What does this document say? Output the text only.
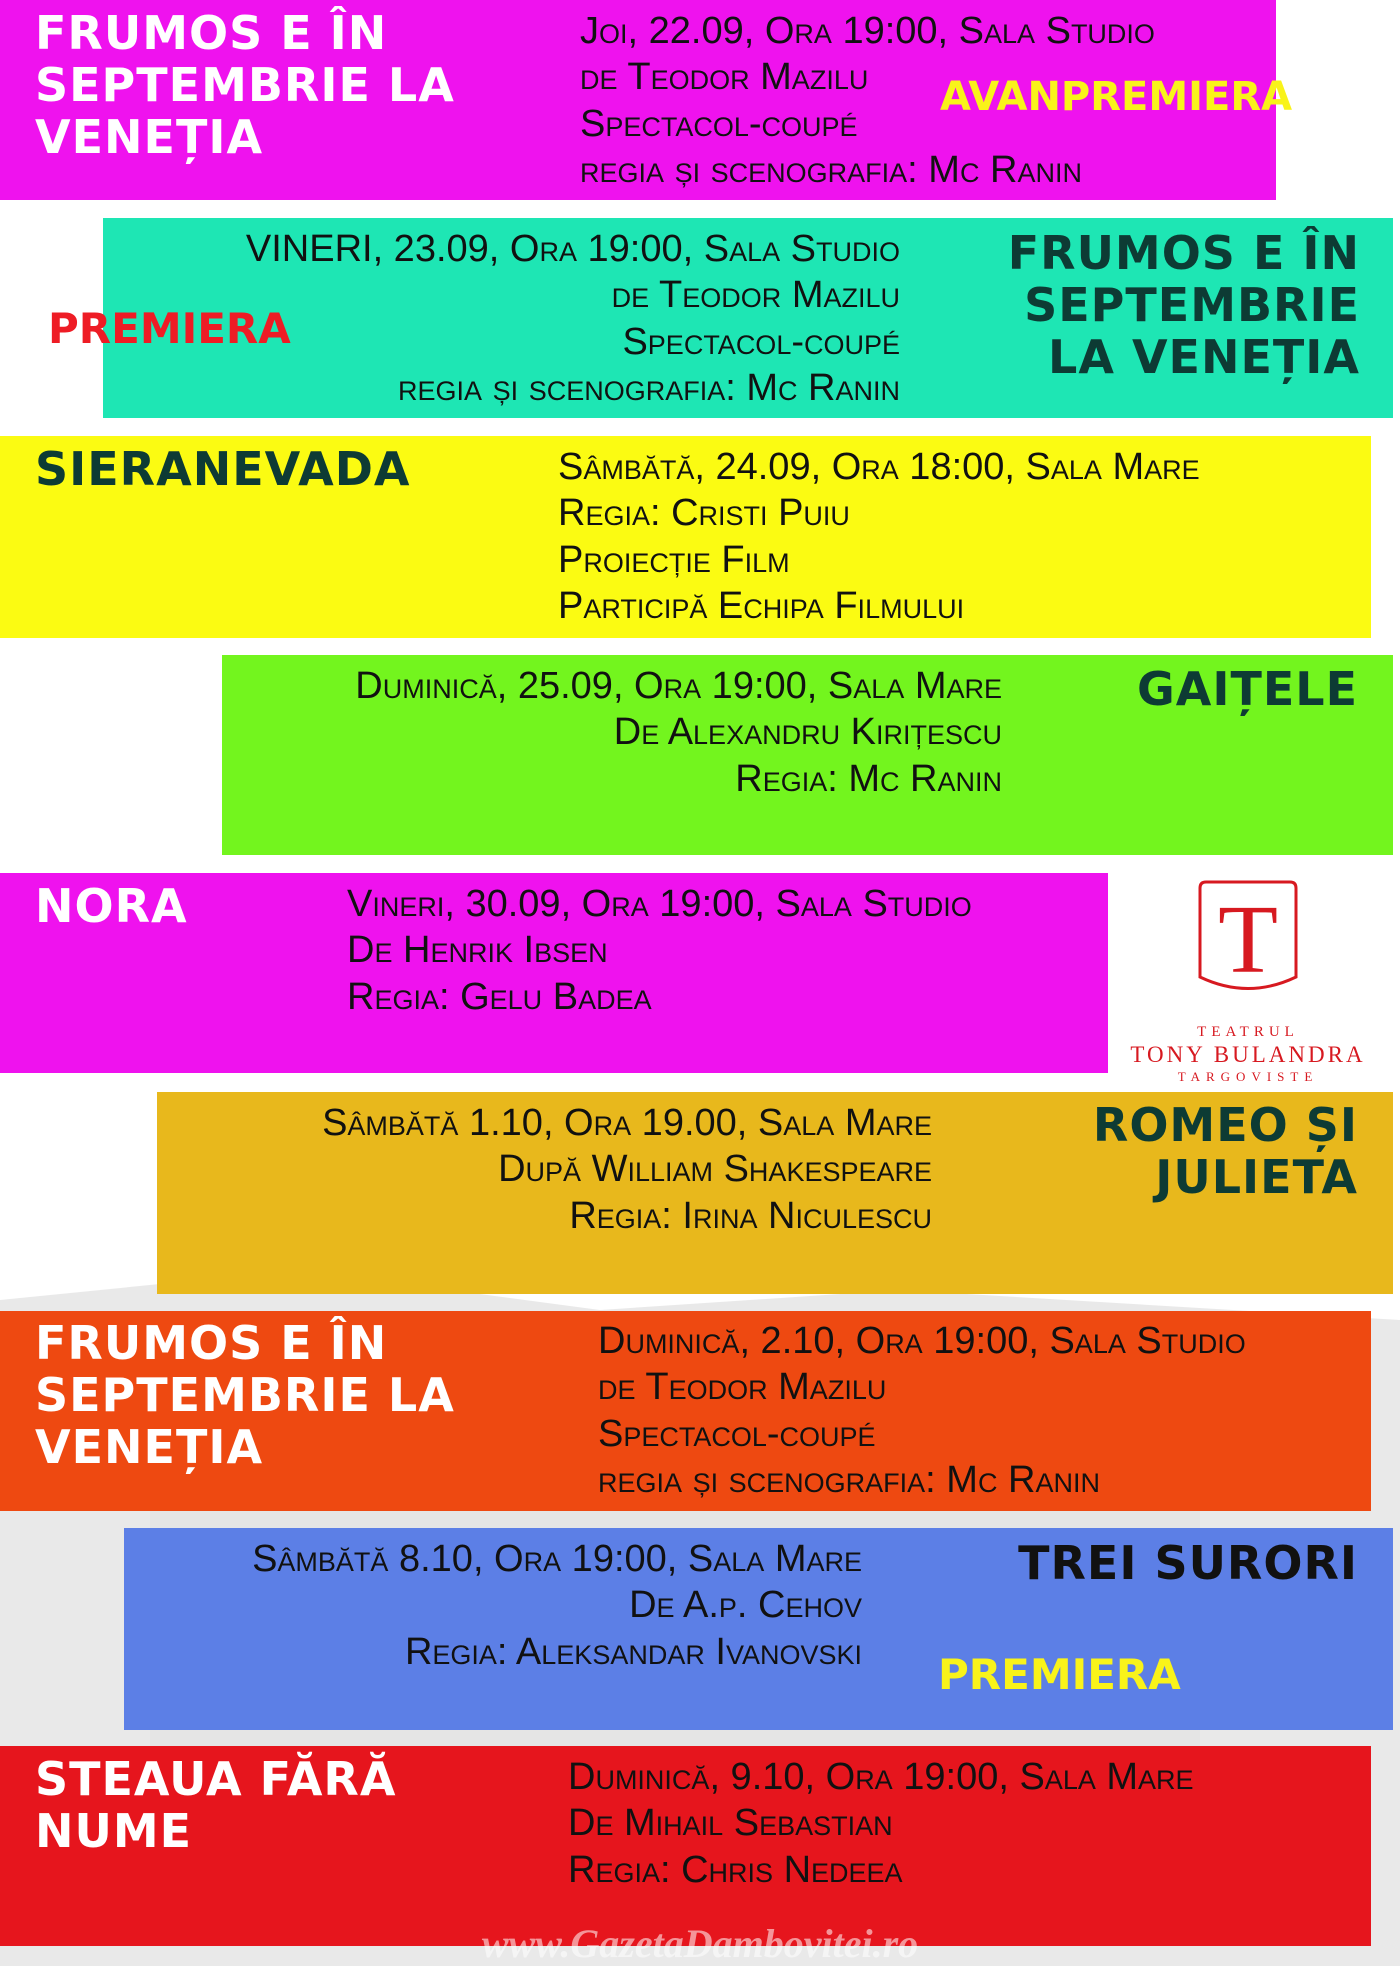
FRUMOS E ÎN
SEPTEMBRIE LA
VENEȚIA
Joi, 22.09, Ora 19:00, Sala Studio
de Teodor Mazilu
Spectacol-coupé
regia și scenografia: Mc Ranin
AVANPREMIERA
VINERI, 23.09, Ora 19:00, Sala Studio
de Teodor Mazilu
Spectacol-coupé
regia și scenografia: Mc Ranin
FRUMOS E ÎN
SEPTEMBRIE
LA VENEȚIA
PREMIERA
SIERANEVADA	Sâmbătă, 24.09, Ora 18:00, Sala Mare
Regia: Cristi Puiu
Proiecție Film
Participă Echipa Filmului
Duminică, 25.09, Ora 19:00, Sala Mare
De Alexandru Kirițescu
Regia: Mc Ranin
GAIȚELE
NORA	Vineri, 30.09, Ora 19:00, Sala Studio
De Henrik Ibsen
Regia: Gelu Badea
T
TEATRUL
TONY BULANDRA
TARGOVISTE
Sâmbătă 1.10, Ora 19.00, Sala Mare
După William Shakespeare
Regia: Irina Niculescu
ROMEO ȘI
JULIETA
FRUMOS E ÎN
SEPTEMBRIE LA
VENEȚIA
Duminică, 2.10, Ora 19:00, Sala Studio
de Teodor Mazilu
Spectacol-coupé
regia și scenografia: Mc Ranin
Sâmbătă 8.10, Ora 19:00, Sala Mare
De A.p. Cehov
Regia: Aleksandar Ivanovski
TREI SURORI
PREMIERA
STEAUA FĂRĂ
NUME
Duminică, 9.10, Ora 19:00, Sala Mare
De Mihail Sebastian
Regia: Chris Nedeea
www.GazetaDambovitei.ro
